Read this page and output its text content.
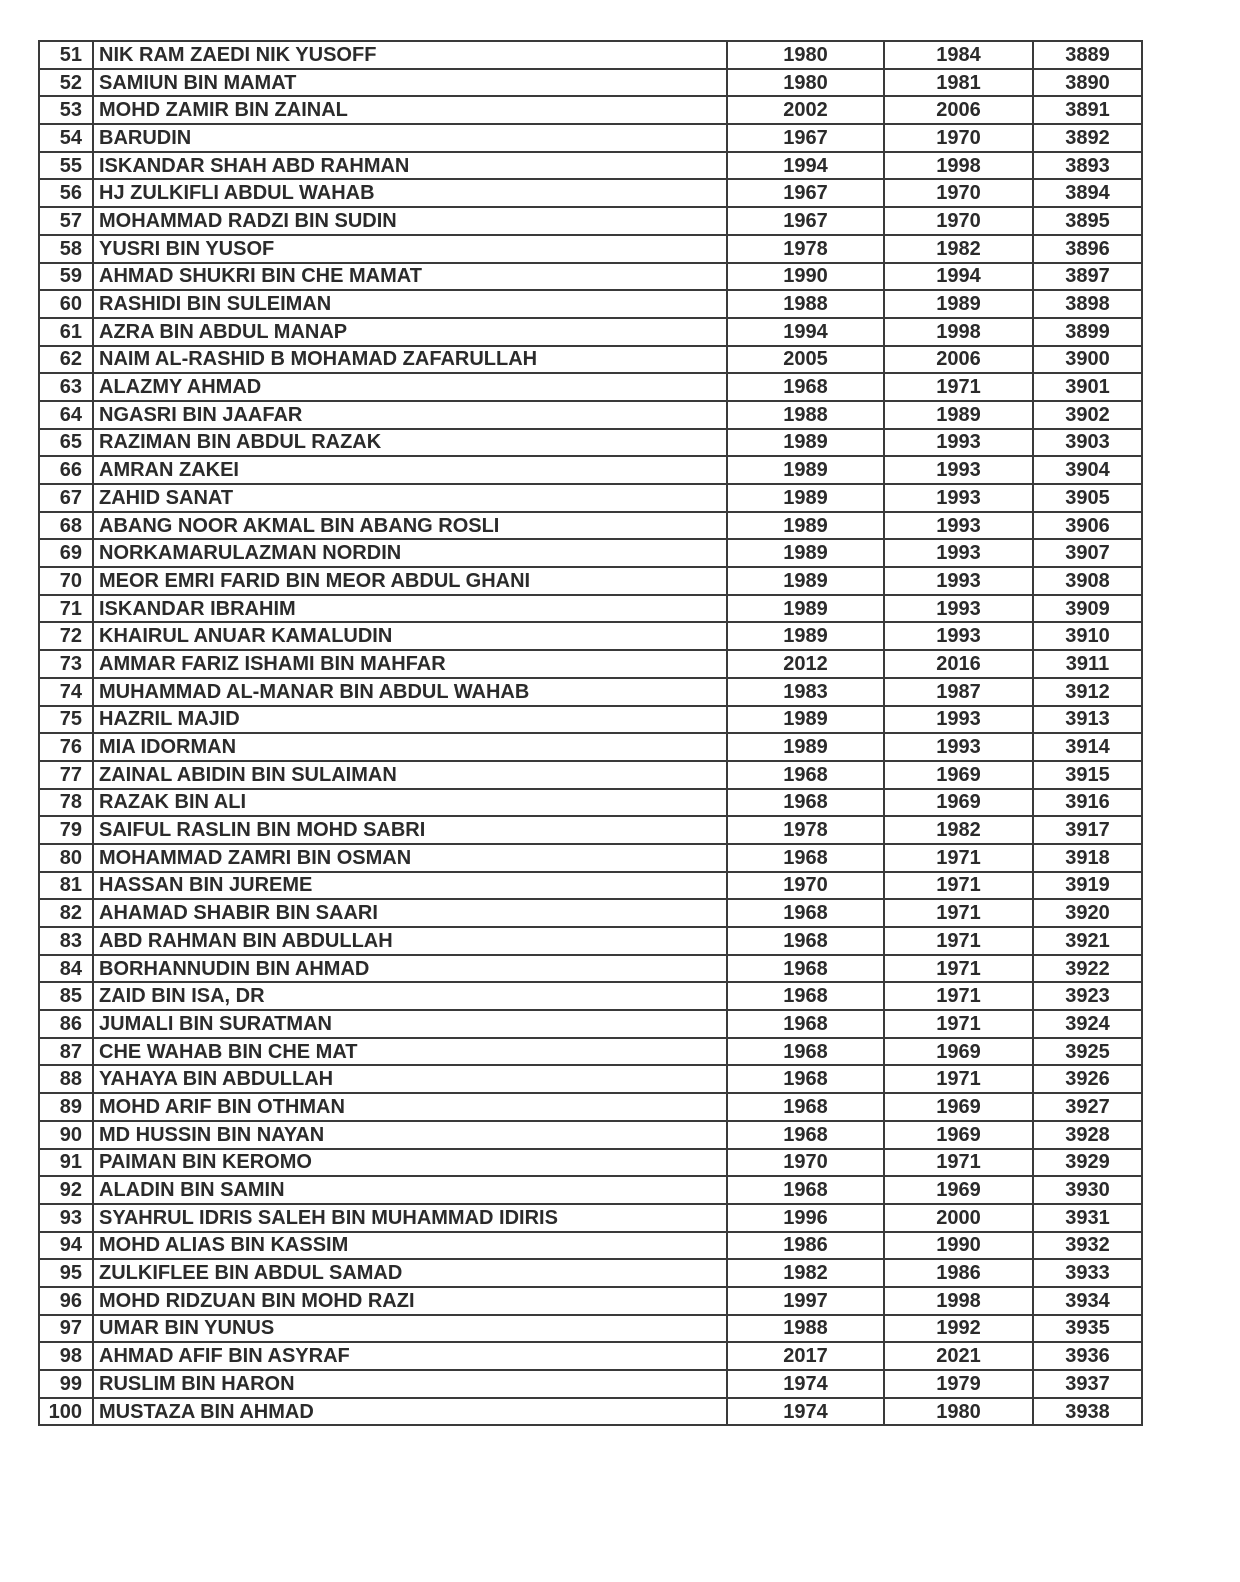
51	NIK RAM ZAEDI NIK YUSOFF	1980	1984	3889
52	SAMIUN BIN MAMAT	1980	1981	3890
53	MOHD ZAMIR BIN ZAINAL	2002	2006	3891
54	BARUDIN	1967	1970	3892
55	ISKANDAR SHAH ABD RAHMAN	1994	1998	3893
56	HJ ZULKIFLI ABDUL WAHAB	1967	1970	3894
57	MOHAMMAD RADZI BIN SUDIN	1967	1970	3895
58	YUSRI BIN YUSOF	1978	1982	3896
59	AHMAD SHUKRI BIN CHE MAMAT	1990	1994	3897
60	RASHIDI BIN SULEIMAN	1988	1989	3898
61	AZRA BIN ABDUL MANAP	1994	1998	3899
62	NAIM AL-RASHID B MOHAMAD ZAFARULLAH	2005	2006	3900
63	ALAZMY AHMAD	1968	1971	3901
64	NGASRI BIN JAAFAR	1988	1989	3902
65	RAZIMAN BIN ABDUL RAZAK	1989	1993	3903
66	AMRAN ZAKEI	1989	1993	3904
67	ZAHID SANAT	1989	1993	3905
68	ABANG NOOR AKMAL BIN ABANG ROSLI	1989	1993	3906
69	NORKAMARULAZMAN NORDIN	1989	1993	3907
70	MEOR EMRI FARID BIN MEOR ABDUL GHANI	1989	1993	3908
71	ISKANDAR IBRAHIM	1989	1993	3909
72	KHAIRUL ANUAR KAMALUDIN	1989	1993	3910
73	AMMAR FARIZ ISHAMI BIN MAHFAR	2012	2016	3911
74	MUHAMMAD AL-MANAR BIN ABDUL WAHAB	1983	1987	3912
75	HAZRIL MAJID	1989	1993	3913
76	MIA IDORMAN	1989	1993	3914
77	ZAINAL ABIDIN BIN SULAIMAN	1968	1969	3915
78	RAZAK BIN ALI	1968	1969	3916
79	SAIFUL RASLIN BIN MOHD SABRI	1978	1982	3917
80	MOHAMMAD ZAMRI BIN OSMAN	1968	1971	3918
81	HASSAN BIN JUREME	1970	1971	3919
82	AHAMAD SHABIR BIN SAARI	1968	1971	3920
83	ABD RAHMAN BIN ABDULLAH	1968	1971	3921
84	BORHANNUDIN BIN AHMAD	1968	1971	3922
85	ZAID BIN ISA, DR	1968	1971	3923
86	JUMALI BIN SURATMAN	1968	1971	3924
87	CHE WAHAB BIN CHE MAT	1968	1969	3925
88	YAHAYA BIN ABDULLAH	1968	1971	3926
89	MOHD ARIF BIN OTHMAN	1968	1969	3927
90	MD HUSSIN BIN NAYAN	1968	1969	3928
91	PAIMAN BIN KEROMO	1970	1971	3929
92	ALADIN BIN SAMIN	1968	1969	3930
93	SYAHRUL IDRIS SALEH BIN MUHAMMAD IDIRIS	1996	2000	3931
94	MOHD ALIAS BIN KASSIM	1986	1990	3932
95	ZULKIFLEE BIN ABDUL SAMAD	1982	1986	3933
96	MOHD RIDZUAN BIN MOHD RAZI	1997	1998	3934
97	UMAR BIN YUNUS	1988	1992	3935
98	AHMAD AFIF BIN ASYRAF	2017	2021	3936
99	RUSLIM BIN HARON	1974	1979	3937
100	MUSTAZA BIN AHMAD	1974	1980	3938
